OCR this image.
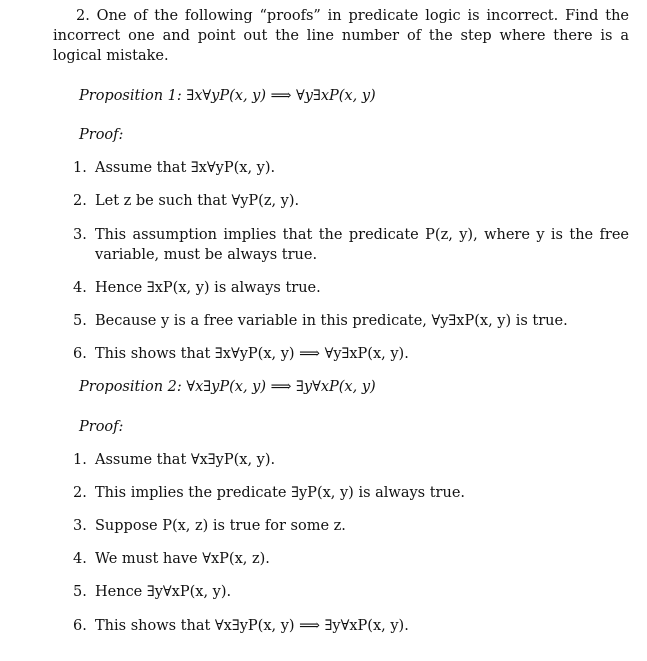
2. One of the following “proofs” in predicate logic is incorrect. Find the incorrect one and point out the line number of the step where there is a logical mistake.
Proposition 1: ∃x∀yP(x, y) ⟹ ∀y∃xP(x, y)
Proof:
1. Assume that ∃x∀yP(x, y).
2. Let z be such that ∀yP(z, y).
3. This assumption implies that the predicate P(z, y), where y is the free variable, must be always true.
4. Hence ∃xP(x, y) is always true.
5. Because y is a free variable in this predicate, ∀y∃xP(x, y) is true.
6. This shows that ∃x∀yP(x, y) ⟹ ∀y∃xP(x, y).
Proposition 2: ∀x∃yP(x, y) ⟹ ∃y∀xP(x, y)
Proof:
1. Assume that ∀x∃yP(x, y).
2. This implies the predicate ∃yP(x, y) is always true.
3. Suppose P(x, z) is true for some z.
4. We must have ∀xP(x, z).
5. Hence ∃y∀xP(x, y).
6. This shows that ∀x∃yP(x, y) ⟹ ∃y∀xP(x, y).
